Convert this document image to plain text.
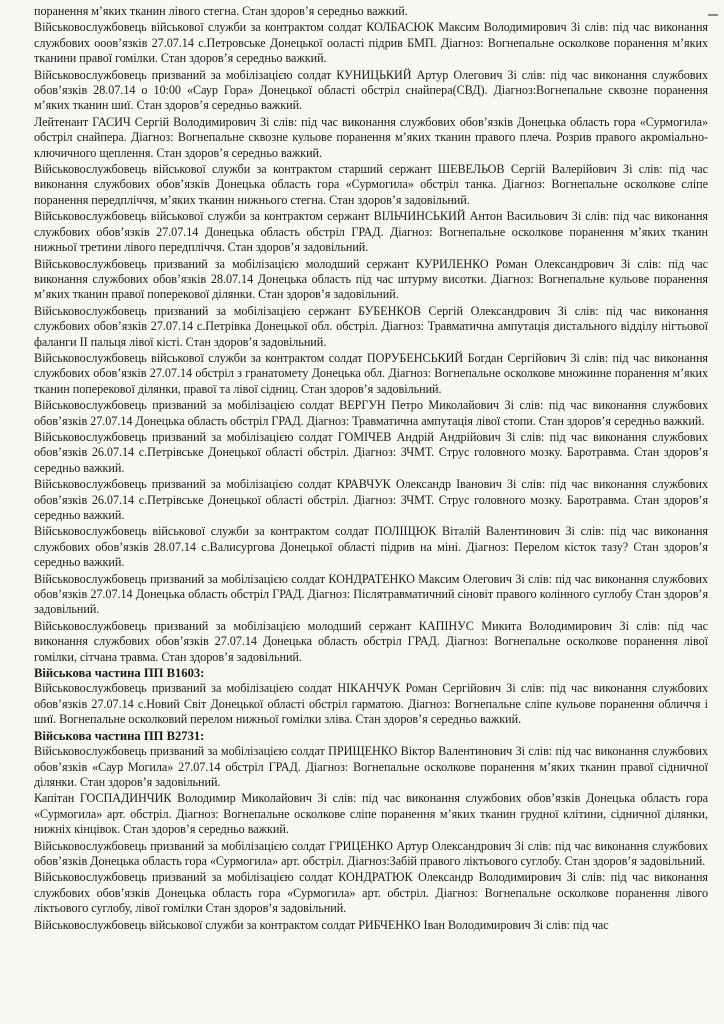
поранення м’яких тканин лівого стегна. Стан здоров’я середньо важкий.

Військовослужбовець військової служби за контрактом солдат КОЛБАСЮК Максим Володимирович Зі слів: під час виконання службових ооов’язків 27.07.14 с.Петровське Донецької ооласті підрив БМП. Діагноз: Вогнепальне осколкове поранення м’яких тканини правої гомілки. Стан здоров’я середньо важкий.

Військовослужбовець призваний за мобілізацією солдат КУНИЦЬКИЙ Артур Олегович Зі слів: під час виконання службових обов’язків 28.07.14 о 10:00 «Саур Гора» Донецької області обстріл снайпера(СВД). Діагноз:Вогнепальне сквозне поранення м’яких тканин шиї. Стан здоров’я середньо важкий.

Лейтенант ГАСИЧ Сергій Володимирович Зі слів: під час виконання службових обов’язків Донецька область гора «Сурмогила» обстріл снайпера. Діагноз: Вогнепальне сквозне кульове поранення м’яких тканин правого плеча. Розрив правого акроміально-ключичного щеплення. Стан здоров’я середньо важкий.

Військовослужбовець військової служби за контрактом старший сержант ШЕВЕЛЬОВ Сергій Валерійович Зі слів: під час виконання службових обов’язків Донецька область гора «Сурмогила» обстріл танка. Діагноз: Вогнепальне осколкове сліпе поранення передпліччя, м’яких тканин нижнього стегна. Стан здоров’я задовільний.

Військовослужбовець військової служби за контрактом сержант ВІЛЬЧИНСЬКИЙ Антон Васильович Зі слів: під час виконання службових обов’язків 27.07.14 Донецька область обстріл ГРАД. Діагноз: Вогнепальне осколкове поранення м’яких тканин нижньої третини лівого передпліччя. Стан здоров’я задовільний.

Військовослужбовець призваний за мобілізацією молодший сержант КУРИЛЕНКО Роман Олександрович Зі слів: під час виконання службових обов’язків 28.07.14 Донецька область під час штурму висотки. Діагноз: Вогнепальне кульове поранення м’яких тканин правої поперекової ділянки. Стан здоров’я задовільний.

Військовослужбовець призваний за мобілізацією сержант БУБЕНКОВ Сергій Олександрович Зі слів: під час виконання службових обов’язків 27.07.14 с.Петрівка Донецької обл. обстріл. Діагноз: Травматична ампутація дистального відділу нігтьової фаланги II пальця лівої кісті. Стан здоров’я задовільний.

Військовослужбовець військової служби за контрактом солдат ПОРУБЕНСЬКИЙ Богдан Сергійович Зі слів: під час виконання службових обов’язків 27.07.14 обстріл з гранатомету Донецька обл. Діагноз: Вогнепальне осколкове множинне поранення м’яких тканин поперекової ділянки, правої та лівої сідниц. Стан здоров’я задовільний.

Військовослужбовець призваний за мобілізацією солдат ВЕРГУН Петро Миколайович Зі слів: під час виконання службових обов’язків 27.07.14 Донецька область обстріл ГРАД. Діагноз: Травматична ампутація лівої стопи. Стан здоров’я середньо важкий.

Військовослужбовець призваний за мобілізацією солдат ГОМІЧЕВ Андрій Андрійович Зі слів: під час виконання службових обов’язків 26.07.14 с.Петрівське Донецької області обстріл. Діагноз: ЗЧМТ. Струс головного мозку. Баротравма. Стан здоров’я середньо важкий.

Військовослужбовець призваний за мобілізацією солдат КРАВЧУК Олександр Іванович Зі слів: під час виконання службових обов’язків 26.07.14 с.Петрівське Донецької області обстріл. Діагноз: ЗЧМТ. Струс головного мозку. Баротравма. Стан здоров’я середньо важкий.

Військовослужбовець військової служби за контрактом солдат ПОЛІЩЮК Віталій Валентинович Зі слів: під час виконання службових обов’язків 28.07.14 с.Валисургова Донецької області підрив на міні. Діагноз: Перелом кісток тазу? Стан здоров’я середньо важкий.

Військовослужбовець призваний за мобілізацією солдат КОНДРАТЕНКО Максим Олегович Зі слів: під час виконання службових обов’язків 27.07.14 Донецька область обстріл ГРАД. Діагноз: Післятравматичний сіновіт правого колінного суглобу Стан здоров’я задовільний.

Військовослужбовець призваний за мобілізацією молодший сержант КАПІНУС Микита Володимирович Зі слів: під час виконання службових обов’язків 27.07.14 Донецька область обстріл ГРАД. Діагноз: Вогнепальне осколкове поранення лівої гомілки, сітчана травма. Стан здоров’я задовільний.

Військова частина ПП В1603:

Військовослужбовець призваний за мобілізацією солдат НІКАНЧУК Роман Сергійович Зі слів: під час виконання службових обов’язків 27.07.14 с.Новий Світ Донецької області обстріл гарматою. Діагноз: Вогнепальне сліпе кульове поранення обличчя і шиї. Вогнепальне осколковий перелом нижньої гомілки зліва. Стан здоров’я середньо важкий.

Військова частина ПП В2731:

Військовослужбовець призваний за мобілізацією солдат ПРИЩЕНКО Віктор Валентинович Зі слів: під час виконання службових обов’язків «Саур Могила» 27.07.14 обстріл ГРАД. Діагноз: Вогнепальне осколкове поранення м’яких тканин правої сідничної ділянки. Стан здоров’я задовільний.

Капітан ГОСПАДИНЧИК Володимир Миколайович Зі слів: під час виконання службових обов’язків Донецька область гора «Сурмогила» арт. обстріл. Діагноз: Вогнепальне осколкове сліпе поранення м’яких тканин грудної клітини, сідничної ділянки, нижніх кінцівок. Стан здоров’я середньо важкий.

Військовослужбовець призваний за мобілізацією солдат ГРИЦЕНКО Артур Олександрович Зі слів: під час виконання службових обов’язків Донецька область гора «Сурмогила» арт. обстріл. Діагноз:Забій правого ліктьового суглобу. Стан здоров’я задовільний.

Військовослужбовець призваний за мобілізацією солдат КОНДРАТЮК Олександр Володимирович Зі слів: під час виконання службових обов’язків Донецька область гора «Сурмогила» арт. обстріл. Діагноз: Вогнепальне осколкове поранення лівого ліктьового суглобу, лівої гомілки Стан здоров’я задовільний.

Військовослужбовець військової служби за контрактом солдат РИБЧЕНКО Іван Володимирович Зі слів: під час
